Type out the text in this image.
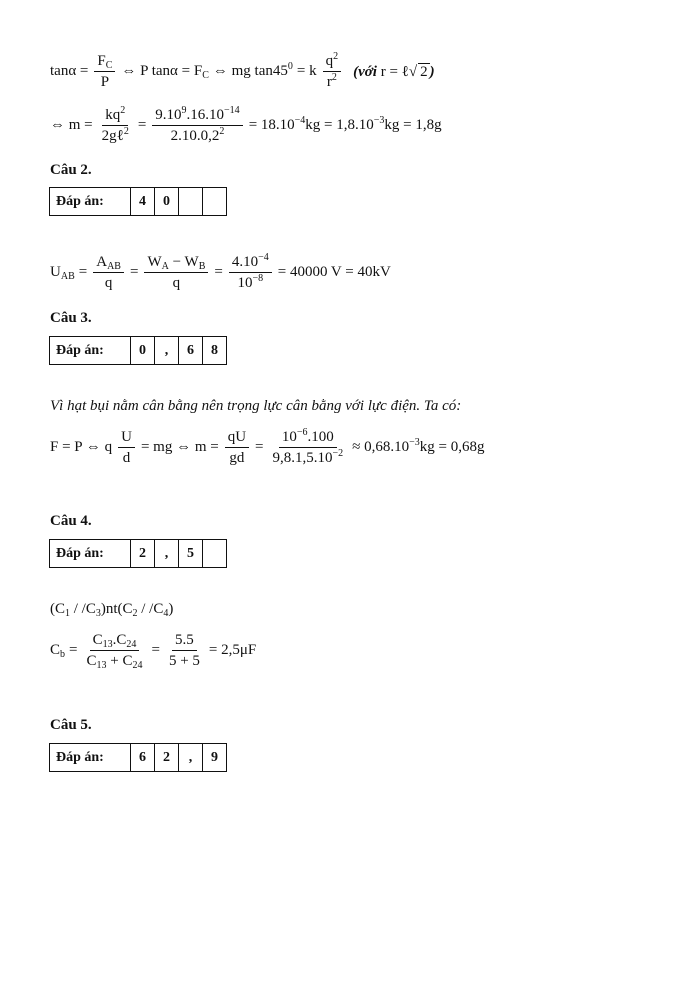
$\tan\alpha = \frac{F_C}{P}$ ⇔ P $\tan\alpha = F_C$ ⇔ mg $\tan 45^0 = k \frac{q^2}{r^2}$ (với r = ℓ√ 2 )
⇔ $m = \frac{kq^2}{2g\ell^2} = \frac{9.10^9.16.10^{-14}}{2.10.0,2^2} = 18.10^{-4}kg = 1,8.10^{-3}kg = 1,8g$
Câu 2.
Đáp án:	4	0		
$U_{AB} = \frac{A_{AB}}{q} = \frac{W_A - W_B}{q} = \frac{4.10^{-4}}{10^{-8}} = 40000$ V = 40kV
Câu 3.
Đáp án:	0	,	6	8
Vì hạt bụi nằm cân bằng nên trọng lực cân bằng với lực điện. Ta có:
F = P ⇔ q $\frac{U}{d}$ = mg ⇔ $m = \frac{qU}{gd} = \frac{10^{-6}.100}{9,8.1,5.10^{-2}} \approx 0,68.10^{-3}kg = 0,68g$
Câu 4.
Đáp án:	2	,	5	
$(C_1 / /C_3)nt(C_2 / /C_4)$
$C_b = \frac{C_{13}.C_{24}}{C_{13} + C_{24}} = \frac{5.5}{5 + 5} = 2,5\mu F$
Câu 5.
Đáp án:	6	2	,	9
